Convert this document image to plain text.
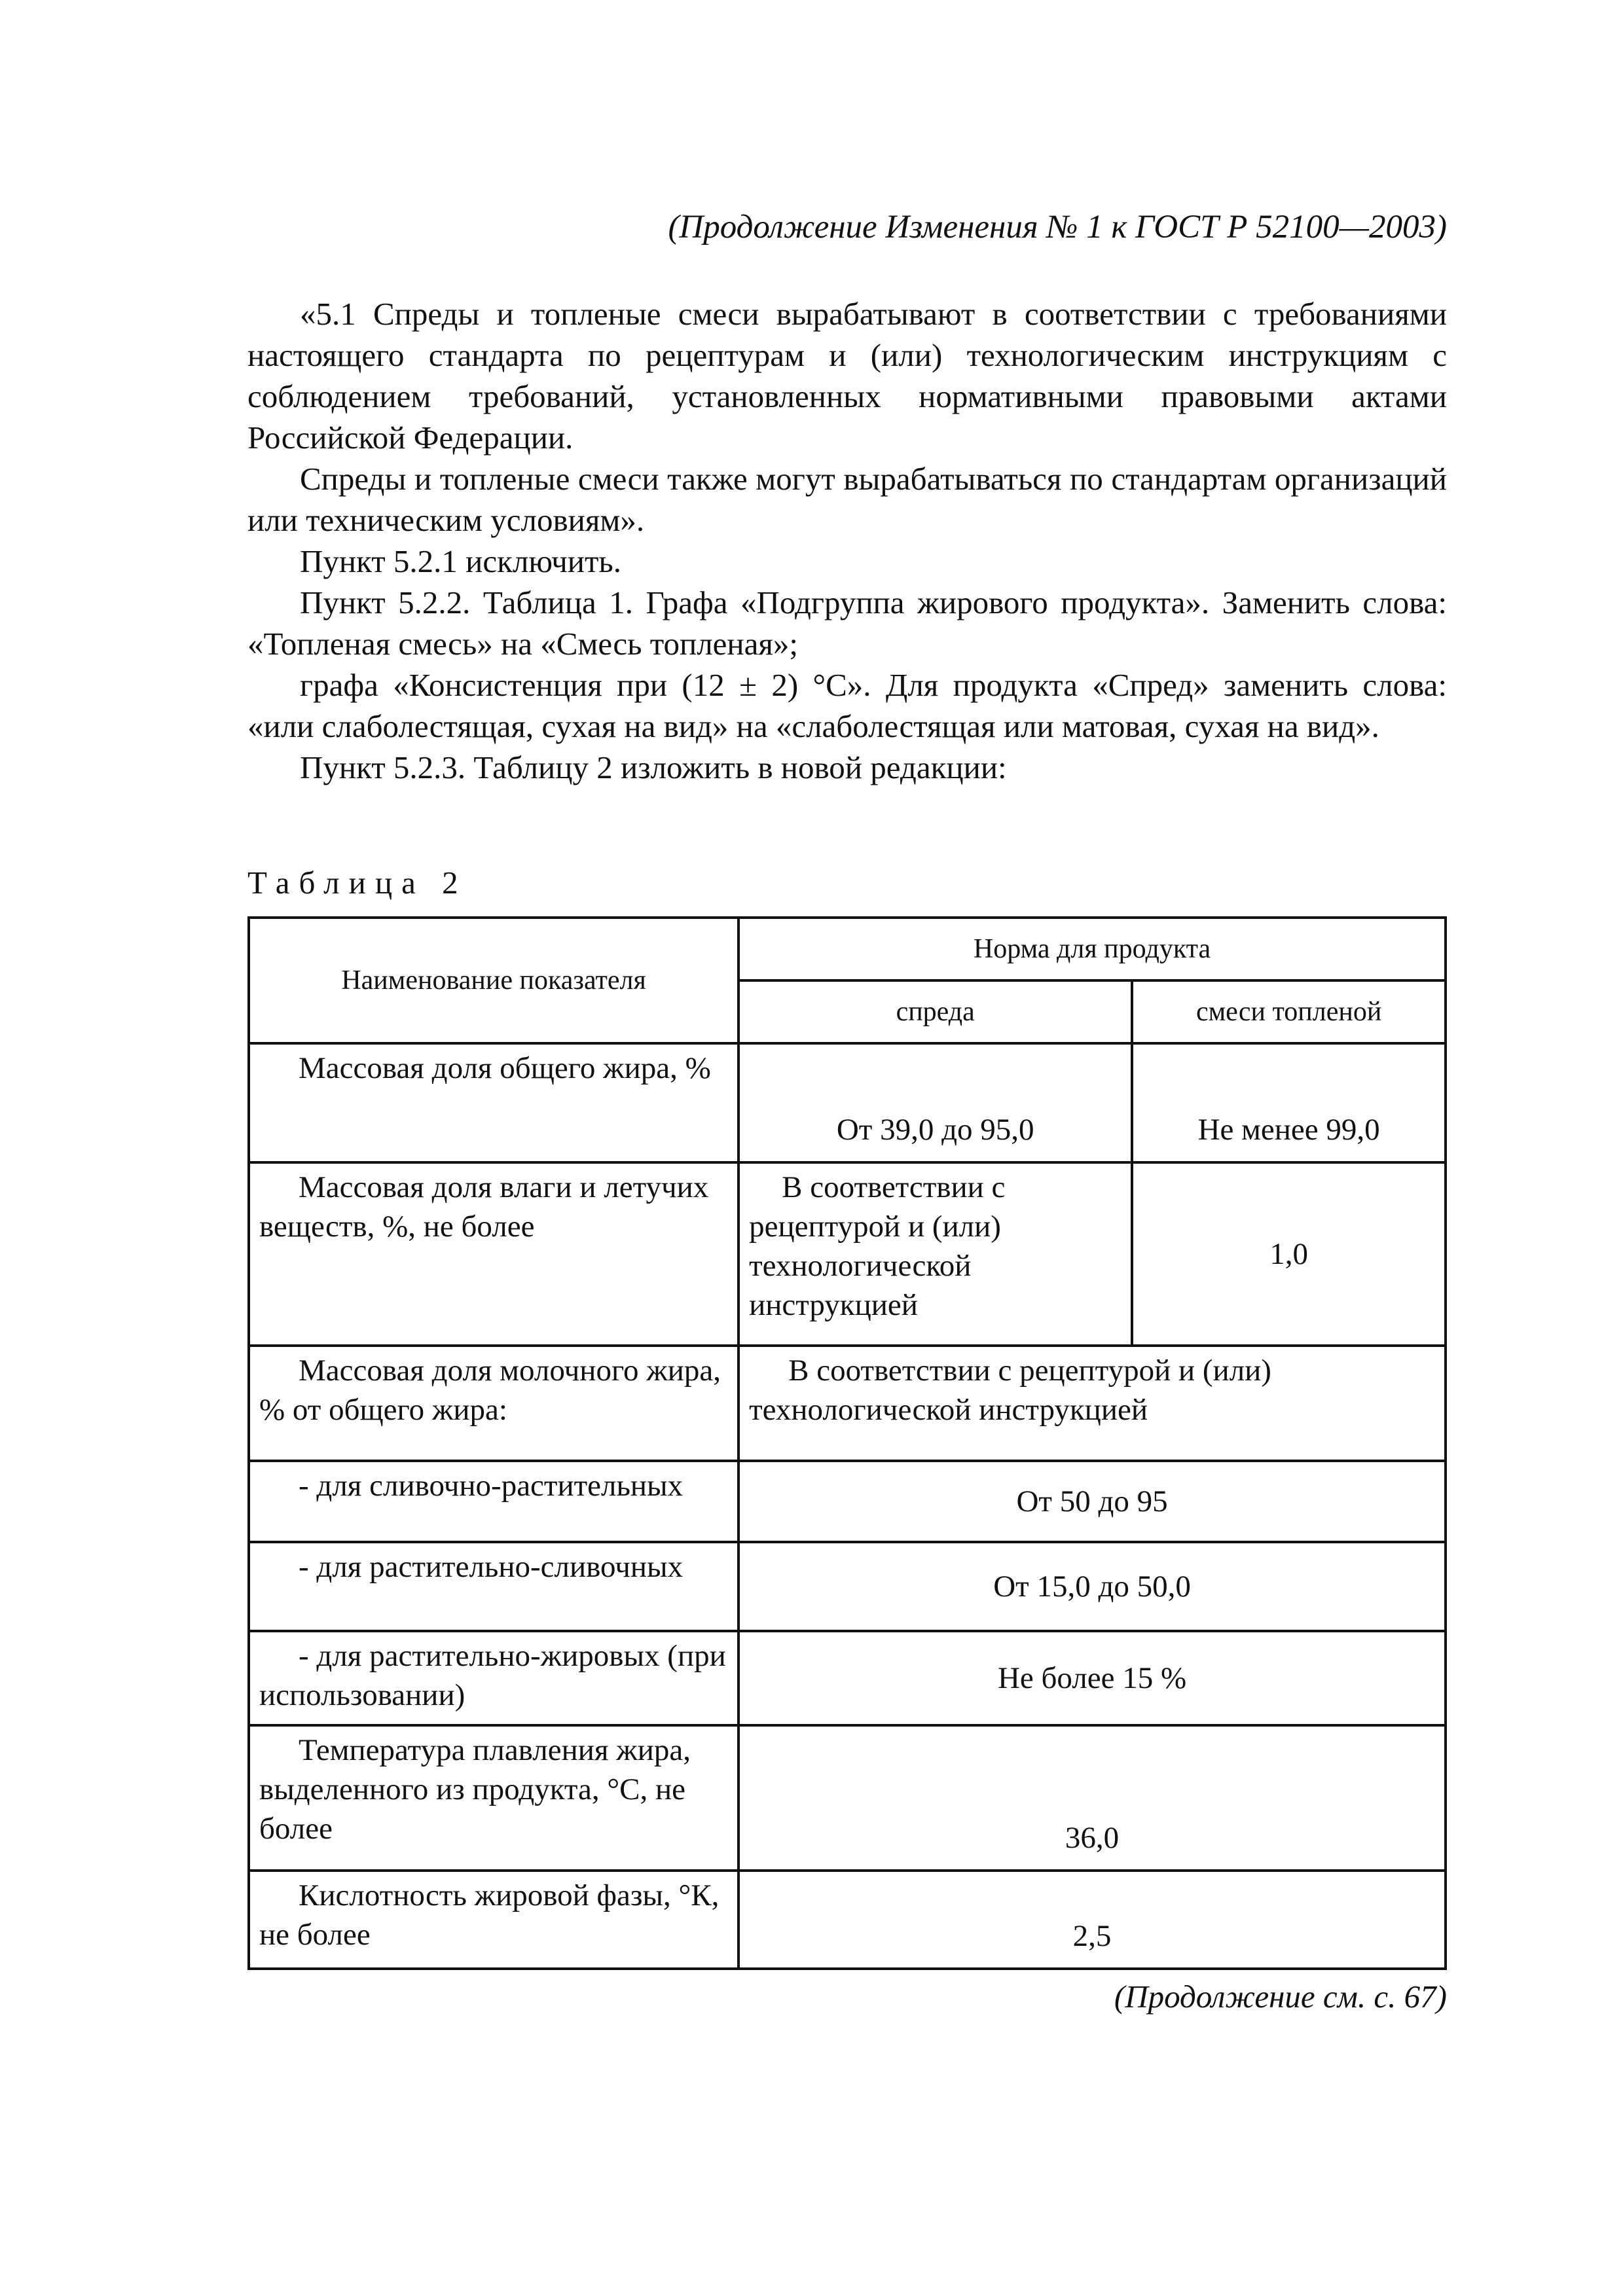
(Продолжение Изменения № 1 к ГОСТ Р 52100—2003)

«5.1 Спреды и топленые смеси вырабатывают в соответствии с требованиями настоящего стандарта по рецептурам и (или) технологическим инструкциям с соблюдением требований, установленных нормативными правовыми актами Российской Федерации.

Спреды и топленые смеси также могут вырабатываться по стандартам организаций или техническим условиям».

Пункт 5.2.1 исключить.

Пункт 5.2.2. Таблица 1. Графа «Подгруппа жирового продукта». Заменить слова: «Топленая смесь» на «Смесь топленая»;

графа «Консистенция при (12 ± 2) °С». Для продукта «Спред» заменить слова: «или слаболестящая, сухая на вид» на «слаболестящая или матовая, сухая на вид».

Пункт 5.2.3. Таблицу 2 изложить в новой редакции:

Таблица 2
Наименование показателя	Норма для продукта	
	спреда	смеси топленой

Массовая доля общего жира, %	От 39,0 до 95,0	Не менее 99,0

Массовая доля влаги и летучих веществ, %, не более	В соответствии с рецептурой и (или) технологической инструкцией	1,0

Массовая доля молочного жира, % от общего жира:	В соответствии с рецептурой и (или) технологической инструкцией	

- для сливочно-растительных	От 50 до 95	

- для растительно-сливочных	От 15,0 до 50,0	

- для растительно-жировых (при использовании)	Не более 15 %	

Температура плавления жира, выделенного из продукта, °С, не более	36,0	

Кислотность жировой фазы, °К, не более	2,5	
(Продолжение см. с. 67)
